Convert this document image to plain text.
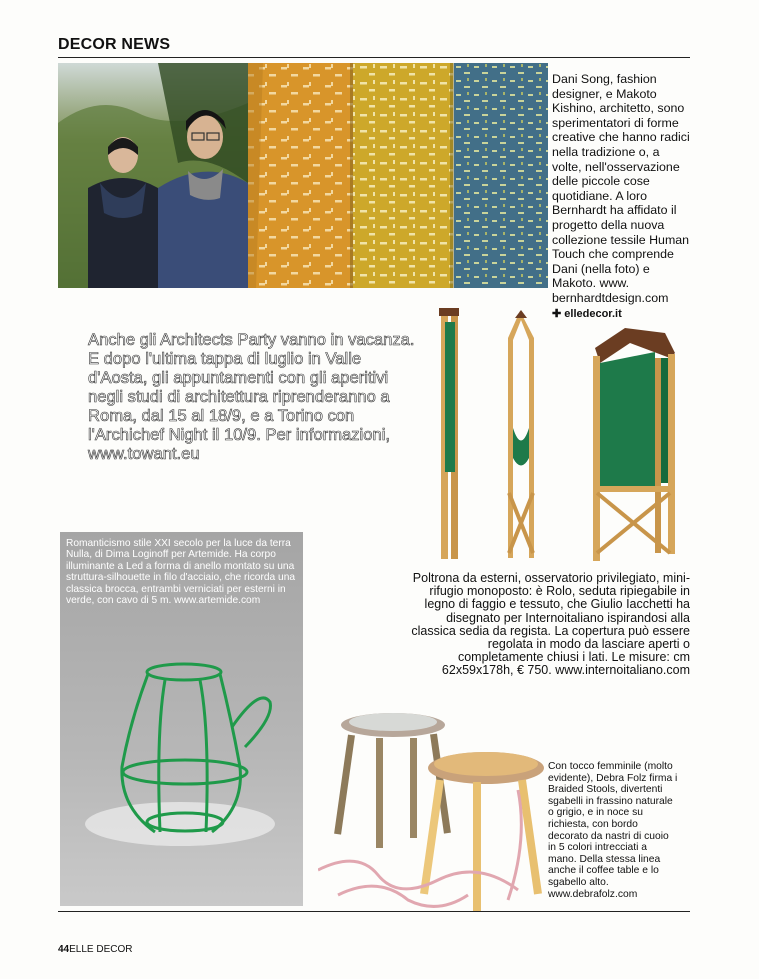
DECOR NEWS
Dani Song, fashion designer, e Makoto Kishino, architetto, sono sperimentatori di forme creative che hanno radici nella tradizione o, a volte, nell'osservazione delle piccole cose quotidiane. A loro Bernhardt ha affidato il progetto della nuova collezione tessile Human Touch che comprende Dani (nella foto) e Makoto. www. bernhardtdesign.com
✚ elledecor.it
Anche gli Architects Party vanno in vacanza. E dopo l'ultima tappa di luglio in Valle d'Aosta, gli appuntamenti con gli aperitivi negli studi di architettura riprenderanno a Roma, dal 15 al 18/9, e a Torino con l'Archichef Night il 10/9. Per informazioni, www.towant.eu
Poltrona da esterni, osservatorio privilegiato, mini-rifugio monoposto: è Rolo, seduta ripiegabile in legno di faggio e tessuto, che Giulio Iacchetti ha disegnato per Internoitaliano ispirandosi alla classica sedia da regista. La copertura può essere regolata in modo da lasciare aperti o completamente chiusi i lati. Le misure: cm 62x59x178h, € 750. www.internoitaliano.com
Romanticismo stile XXI secolo per la luce da terra Nulla, di Dima Loginoff per Artemide. Ha corpo illuminante a Led a forma di anello montato su una struttura-silhouette in filo d'acciaio, che ricorda una classica brocca, entrambi verniciati per esterni in verde, con cavo di 5 m. www.artemide.com
Con tocco femminile (molto evidente), Debra Folz firma i Braided Stools, divertenti sgabelli in frassino naturale o grigio, e in noce su richiesta, con bordo decorato da nastri di cuoio in 5 colori intrecciati a mano. Della stessa linea anche il coffee table e lo sgabello alto. www.debrafolz.com
44ELLE DECOR
